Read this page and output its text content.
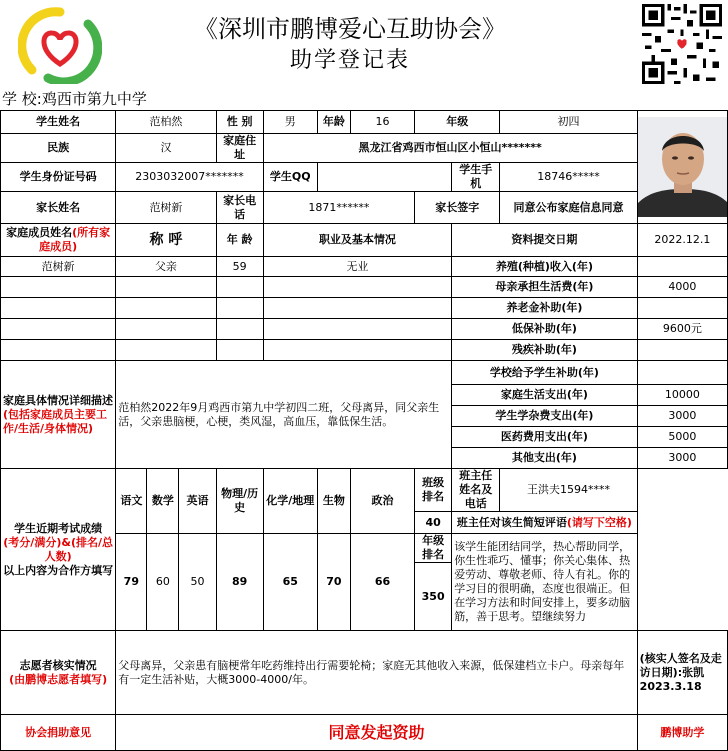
《深圳市鹏博爱心互助协会》
助学登记表
学 校:鸡西市第九中学
学生姓名	范柏然			性 别	男	年龄	16	年级		初四	

民族	汉			家庭住址	黑龙江省鸡西市恒山区小恒山*******						
学生身份证号码	2303032007*******				学生QQ				学生手机	18746*****	
家长姓名	范树新			家长电话	1871******			家长签字		同意公布家庭信息同意	
家庭成员姓名(所有家庭成员)	称 呼			年 龄	职业及基本情况				资料提交日期		2022.12.1
范树新	父亲			59	无业				养殖(种植)收入(年)		
									母亲承担生活费(年)		4000
									养老金补助(年)		
									低保补助(年)		9600元
									残疾补助(年)		
家庭具体情况详细描述(包括家庭成员主要工作/生活/身体情况)	范柏然2022年9月鸡西市第九中学初四二班，父母离异，同父亲生活，父亲患脑梗，心梗，类风湿，高血压，靠低保生活。								学校给予学生补助(年)		
									家庭生活支出(年)		10000
									学生学杂费支出(年)		3000
									医药费用支出(年)		5000
									其他支出(年)		3000
学生近期考试成绩
(考分/满分)&(排名/总人数)
以上内容为合作方填写	语文	数学	英语	物理/历史	化学/地理	生物	政治	班级排名	班主任姓名及电话	王洪夫1594****	
								40	班主任对该生简短评语(请写下空格)		
	79	60	50	89	65	70	66	年级排名	该学生能团结同学，热心帮助同学，你生性乖巧、懂事；你关心集体、热爱劳动、尊敬老师、待人有礼。你的学习目的很明确，态度也很端正。但在学习方法和时间安排上，要多动脑筋，善于思考。望继续努力		
								350			
志愿者核实情况
(由鹏博志愿者填写)	父母离异，父亲患有脑梗常年吃药维持出行需要轮椅；家庭无其他收入来源，低保建档立卡户。母亲每年有一定生活补贴，大概3000-4000/年。										(核实人签名及走访日期):张凯 2023.3.18
协会捐助意见	同意发起资助										鹏博助学
